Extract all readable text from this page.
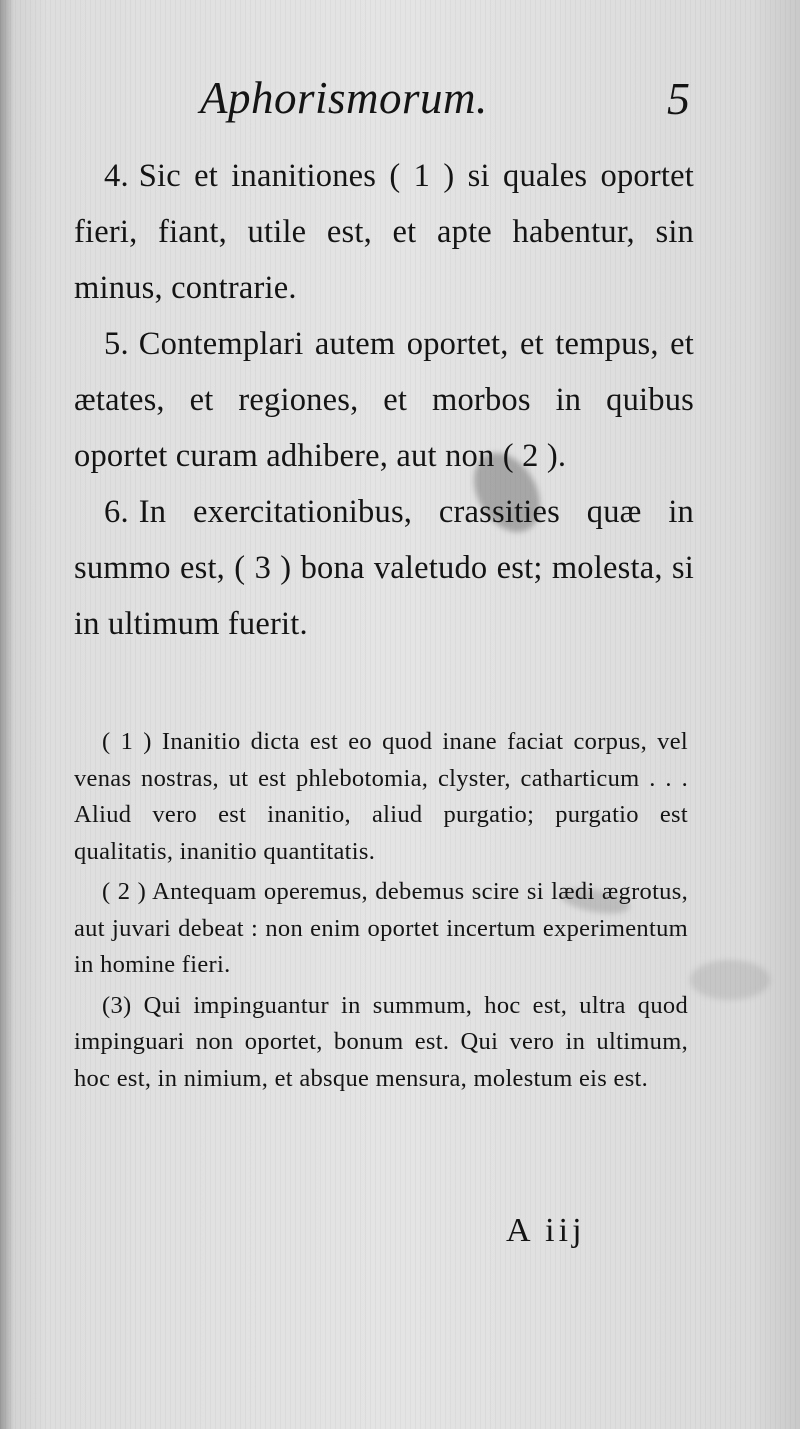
Aphorismorum.	5

4. Sic et inanitiones ( 1 ) si quales oportet fieri, fiant, utile est, et apte habentur, sin minus, contrarie.

5. Contemplari autem oportet, et tempus, et ætates, et regiones, et morbos in quibus oportet curam adhibere, aut non ( 2 ).

6. In exercitationibus, crassities quæ in summo est, ( 3 ) bona valetudo est; molesta, si in ultimum fuerit.

( 1 ) Inanitio dicta est eo quod inane faciat corpus, vel venas nostras, ut est phlebotomia, clyster, catharticum . . . Aliud vero est inanitio, aliud purgatio; purgatio est qualitatis, inanitio quantitatis.

( 2 ) Antequam operemus, debemus scire si lædi ægrotus, aut juvari debeat : non enim oportet incertum experimentum in homine fieri.

(3) Qui impinguantur in summum, hoc est, ultra quod impinguari non oportet, bonum est. Qui vero in ultimum, hoc est, in nimium, et absque mensura, molestum eis est.

A iij
